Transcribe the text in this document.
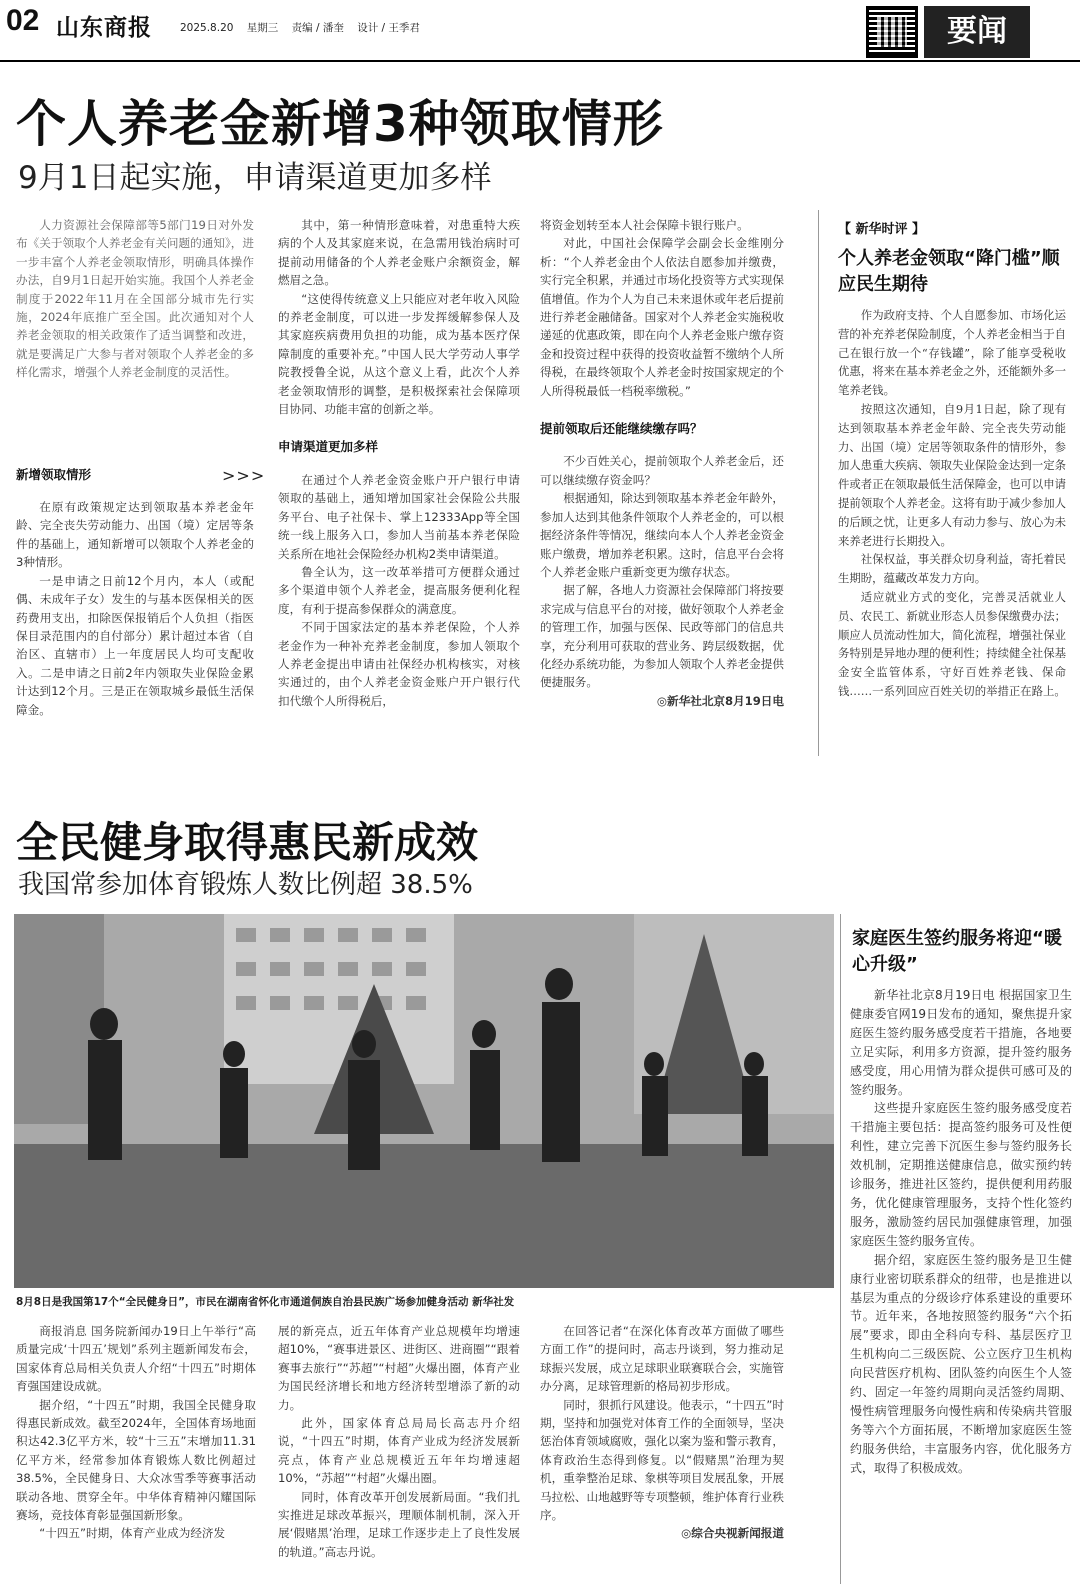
02 山东商报	2025.8.20 星期三 责编 / 潘奎 设计 / 王季君	要闻
个人养老金新增3种领取情形
9月1日起实施，申请渠道更加多样

人力资源社会保障部等5部门19日对外发布《关于领取个人养老金有关问题的通知》，进一步丰富个人养老金领取情形，明确具体操作办法，自9月1日起开始实施。我国个人养老金制度于2022年11月在全国部分城市先行实施，2024年底推广至全国。此次通知对个人养老金领取的相关政策作了适当调整和改进，就是要满足广大参与者对领取个人养老金的多样化需求，增强个人养老金制度的灵活性。

新增领取情形

在原有政策规定达到领取基本养老金年龄、完全丧失劳动能力、出国（境）定居等条件的基础上，通知新增可以领取个人养老金的3种情形。

一是申请之日前12个月内，本人（或配偶、未成年子女）发生的与基本医保相关的医药费用支出，扣除医保报销后个人负担（指医保目录范围内的自付部分）累计超过本省（自治区、直辖市）上一年度居民人均可支配收入。二是申请之日前2年内领取失业保险金累计达到12个月。三是正在领取城乡最低生活保障金。

>>>

其中，第一种情形意味着，对患重特大疾病的个人及其家庭来说，在急需用钱治病时可提前动用储备的个人养老金账户余额资金，解燃眉之急。

“这使得传统意义上只能应对老年收入风险的养老金制度，可以进一步发挥缓解参保人及其家庭疾病费用负担的功能，成为基本医疗保障制度的重要补充。”中国人民大学劳动人事学院教授鲁全说，从这个意义上看，此次个人养老金领取情形的调整，是积极探索社会保障项目协同、功能丰富的创新之举。

申请渠道更加多样

在通过个人养老金资金账户开户银行申请领取的基础上，通知增加国家社会保险公共服务平台、电子社保卡、掌上12333App等全国统一线上服务入口，参加人当前基本养老保险关系所在地社会保险经办机构2类申请渠道。

鲁全认为，这一改革举措可方便群众通过多个渠道申领个人养老金，提高服务便利化程度，有利于提高参保群众的满意度。

不同于国家法定的基本养老保险，个人养老金作为一种补充养老金制度，参加人领取个人养老金提出申请由社保经办机构核实，对核实通过的，由个人养老金资金账户开户银行代扣代缴个人所得税后，

将资金划转至本人社会保障卡银行账户。

对此，中国社会保障学会副会长金维刚分析：“个人养老金由个人依法自愿参加并缴费，实行完全积累，并通过市场化投资等方式实现保值增值。作为个人为自己未来退休或年老后提前进行养老金融储备。国家对个人养老金实施税收递延的优惠政策，即在向个人养老金账户缴存资金和投资过程中获得的投资收益暂不缴纳个人所得税，在最终领取个人养老金时按国家规定的个人所得税最低一档税率缴税。”

提前领取后还能继续缴存吗？

不少百姓关心，提前领取个人养老金后，还可以继续缴存资金吗？

根据通知，除达到领取基本养老金年龄外，参加人达到其他条件领取个人养老金的，可以根据经济条件等情况，继续向本人个人养老金资金账户缴费，增加养老积累。这时，信息平台会将个人养老金账户重新变更为缴存状态。

据了解，各地人力资源社会保障部门将按要求完成与信息平台的对接，做好领取个人养老金的管理工作，加强与医保、民政等部门的信息共享，充分利用可获取的营业务、跨层级数据，优化经办系统功能，为参加人领取个人养老金提供便捷服务。

◎新华社北京8月19日电

【 新华时评 】
个人养老金领取“降门槛”顺应民生期待

作为政府支持、个人自愿参加、市场化运营的补充养老保险制度，个人养老金相当于自己在银行放一个“存钱罐”，除了能享受税收优惠，将来在基本养老金之外，还能额外多一笔养老钱。

按照这次通知，自9月1日起，除了现有达到领取基本养老金年龄、完全丧失劳动能力、出国（境）定居等领取条件的情形外，参加人患重大疾病、领取失业保险金达到一定条件或者正在领取最低生活保障金，也可以申请提前领取个人养老金。这将有助于减少参加人的后顾之忧，让更多人有动力参与、放心为未来养老进行长期投入。

社保权益，事关群众切身利益，寄托着民生期盼，蕴藏改革发力方向。

适应就业方式的变化，完善灵活就业人员、农民工、新就业形态人员参保缴费办法；顺应人员流动性加大，简化流程，增强社保业务特别是异地办理的便利性；持续健全社保基金安全监管体系，守好百姓养老钱、保命钱……一系列回应百姓关切的举措正在路上。

全民健身取得惠民新成效
我国常参加体育锻炼人数比例超 38.5%
8月8日是我国第17个“全民健身日”，市民在湖南省怀化市通道侗族自治县民族广场参加健身活动 新华社发

商报消息 国务院新闻办19日上午举行“高质量完成‘十四五’规划”系列主题新闻发布会，国家体育总局相关负责人介绍“十四五”时期体育强国建设成就。

据介绍，“十四五”时期，我国全民健身取得惠民新成效。截至2024年，全国体育场地面积达42.3亿平方米，较“十三五”末增加11.31亿平方米，经常参加体育锻炼人数比例超过38.5%，全民健身日、大众冰雪季等赛事活动联动各地、贯穿全年。中华体育精神闪耀国际赛场，竞技体育彰显强国新形象。

“十四五”时期，体育产业成为经济发

展的新亮点，近五年体育产业总规模年均增速超10%，“赛事进景区、进街区、进商圈”“跟着赛事去旅行”“苏超”“村超”火爆出圈，体育产业为国民经济增长和地方经济转型增添了新的动力。

此外，国家体育总局局长高志丹介绍说，“十四五”时期，体育产业成为经济发展新亮点，体育产业总规模近五年年均增速超10%，“苏超”“村超”火爆出圈。

同时，体育改革开创发展新局面。“我们扎实推进足球改革振兴，理顺体制机制，深入开展‘假赌黑’治理，足球工作逐步走上了良性发展的轨道。”高志丹说。

在回答记者“在深化体育改革方面做了哪些方面工作”的提问时，高志丹谈到，努力推动足球振兴发展，成立足球职业联赛联合会，实施管办分离，足球管理新的格局初步形成。

同时，狠抓行风建设。他表示，“十四五”时期，坚持和加强党对体育工作的全面领导，坚决惩治体育领域腐败，强化以案为鉴和警示教育，体育政治生态得到修复。以“假赌黑”治理为契机，重拳整治足球、象棋等项目发展乱象，开展马拉松、山地越野等专项整顿，维护体育行业秩序。

◎综合央视新闻报道

家庭医生签约服务将迎“暖心升级”

新华社北京8月19日电 根据国家卫生健康委官网19日发布的通知，聚焦提升家庭医生签约服务感受度若干措施，各地要立足实际，利用多方资源，提升签约服务感受度，用心用情为群众提供可感可及的签约服务。

这些提升家庭医生签约服务感受度若干措施主要包括：提高签约服务可及性便利性，建立完善下沉医生参与签约服务长效机制，定期推送健康信息，做实预约转诊服务，推进社区签约，提供便利用药服务，优化健康管理服务，支持个性化签约服务，激励签约居民加强健康管理，加强家庭医生签约服务宣传。

据介绍，家庭医生签约服务是卫生健康行业密切联系群众的纽带，也是推进以基层为重点的分级诊疗体系建设的重要环节。近年来，各地按照签约服务“六个拓展”要求，即由全科向专科、基层医疗卫生机构向二三级医院、公立医疗卫生机构向民营医疗机构、团队签约向医生个人签约、固定一年签约周期向灵活签约周期、慢性病管理服务向慢性病和传染病共管服务等六个方面拓展，不断增加家庭医生签约服务供给，丰富服务内容，优化服务方式，取得了积极成效。
